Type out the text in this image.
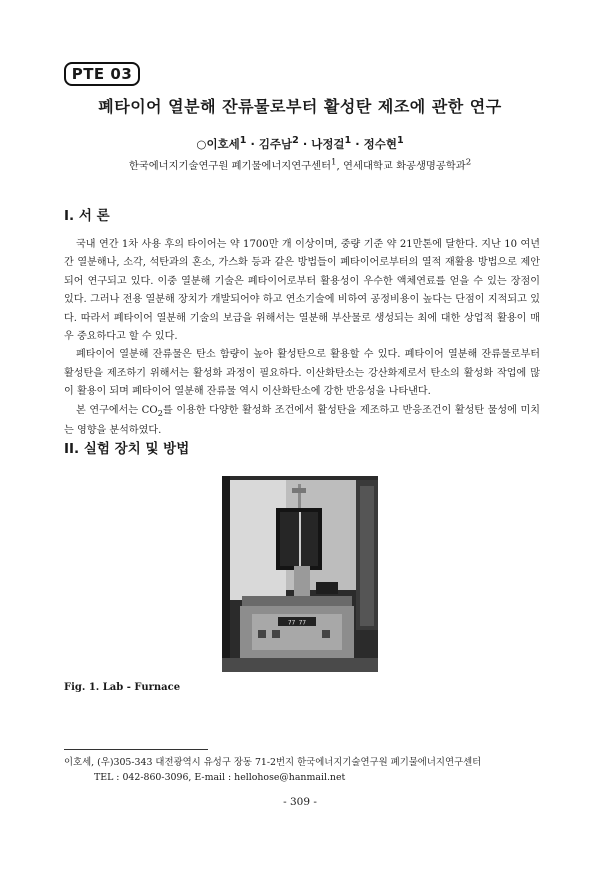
PTE 03
폐타이어 열분해 잔류물로부터 활성탄 제조에 관한 연구
○이호세$^1$ · 김주남$^2$ · 나정걸$^1$ · 정수현$^1$
한국에너지기술연구원 폐기물에너지연구센터$^1$, 연세대학교 화공생명공학과$^2$
I. 서 론

국내 연간 1차 사용 후의 타이어는 약 1700만 개 이상이며, 중량 기준 약 21만톤에 달한다. 지난 10 여년간 열분해나, 소각, 석탄과의 혼소, 가스화 등과 같은 방법들이 폐타이어로부터의 열적 재활용 방법으로 제안되어 연구되고 있다. 이중 열분해 기술은 폐타이어로부터 활용성이 우수한 액체연료를 얻을 수 있는 장점이 있다. 그러나 전용 열분해 장치가 개발되어야 하고 연소기술에 비하여 공정비용이 높다는 단점이 지적되고 있다. 따라서 폐타이어 열분해 기술의 보급을 위해서는 열분해 부산물로 생성되는 최에 대한 상업적 활용이 매우 중요하다고 할 수 있다.

폐타이어 열분해 잔류물은 탄소 함량이 높아 활성탄으로 활용할 수 있다. 폐타이어 열분해 잔류물로부터 활성탄을 제조하기 위해서는 활성화 과정이 필요하다. 이산화탄소는 강산화제로서 탄소의 활성화 작업에 많이 활용이 되며 폐타이어 열분해 잔류물 역시 이산화탄소에 강한 반응성을 나타낸다.

본 연구에서는 $CO_2$를 이용한 다양한 활성화 조건에서 활성탄을 제조하고 반응조건이 활성탄 물성에 미치는 영향을 분석하였다.

II. 실험 장치 및 방법
77 77
Fig. 1. Lab - Furnace
이호세, (우)305-343 대전광역시 유성구 장동 71-2번지 한국에너지기술연구원 폐기물에너지연구센터
TEL : 042-860-3096, E-mail : hellohose@hanmail.net
- 309 -
